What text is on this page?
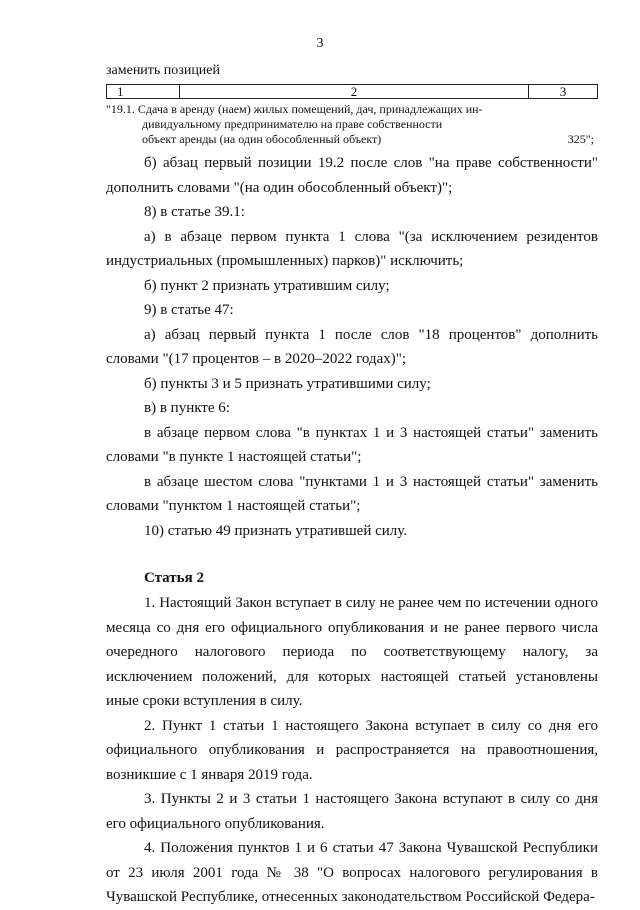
3

заменить позицией

1	2	3
"19.1. Сдача в аренду (наем) жилых помещений, дач, принадлежащих ин-
дивидуальному предпринимателю на праве собственности
объект аренды (на один обособленный объект)	325";

б) абзац первый позиции 19.2 после слов "на праве собственности" дополнить словами "(на один обособленный объект)";

8) в статье 39.1:

а) в абзаце первом пункта 1 слова "(за исключением резидентов индустриальных (промышленных) парков)" исключить;

б) пункт 2 признать утратившим силу;

9) в статье 47:

а) абзац первый пункта 1 после слов "18 процентов" дополнить словами "(17 процентов – в 2020–2022 годах)";

б) пункты 3 и 5 признать утратившими силу;

в) в пункте 6:

в абзаце первом слова "в пунктах 1 и 3 настоящей статьи" заменить словами "в пункте 1 настоящей статьи";

в абзаце шестом слова "пунктами 1 и 3 настоящей статьи" заменить словами "пунктом 1 настоящей статьи";

10) статью 49 признать утратившей силу.

Статья 2

1. Настоящий Закон вступает в силу не ранее чем по истечении одного месяца со дня его официального опубликования и не ранее первого числа очередного налогового периода по соответствующему налогу, за исключением положений, для которых настоящей статьей установлены иные сроки вступления в силу.

2. Пункт 1 статьи 1 настоящего Закона вступает в силу со дня его официального опубликования и распространяется на правоотношения, возникшие с 1 января 2019 года.

3. Пункты 2 и 3 статьи 1 настоящего Закона вступают в силу со дня его официального опубликования.

4. Положения пунктов 1 и 6 статьи 47 Закона Чувашской Республики от 23 июля 2001 года № 38 "О вопросах налогового регулирования в Чувашской Республике, отнесенных законодательством Российской Федера-
